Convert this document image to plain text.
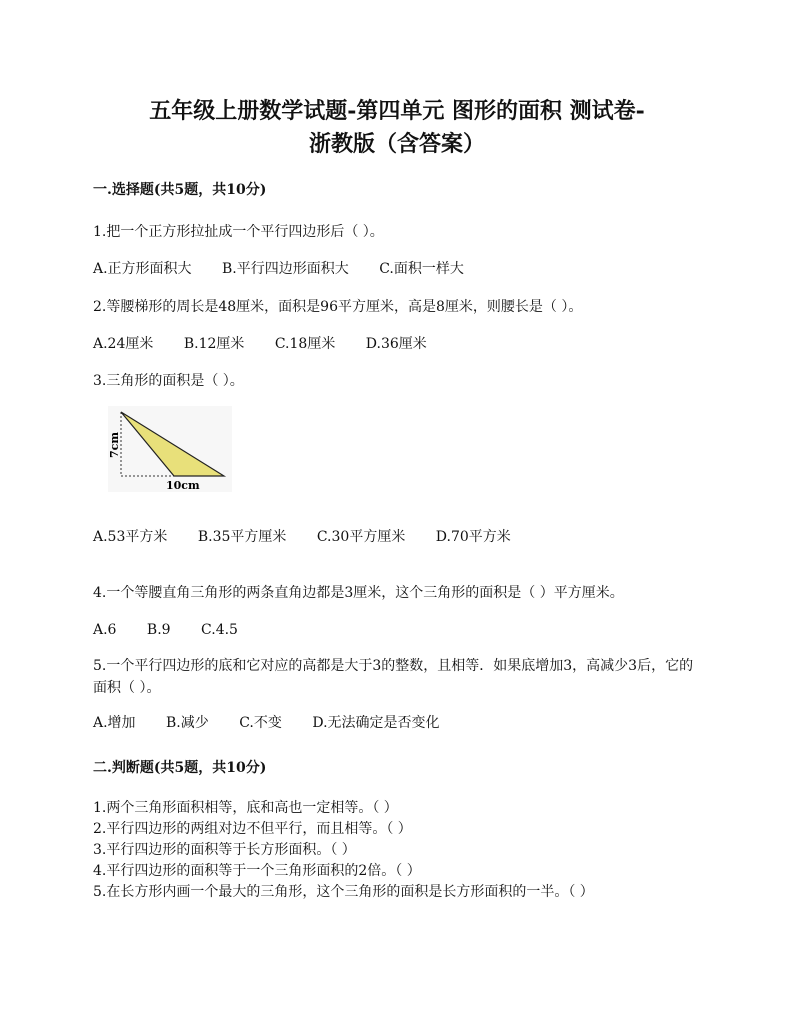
五年级上册数学试题-第四单元 图形的面积 测试卷-
浙教版（含答案）
一.选择题(共5题，共10分)
1.把一个正方形拉扯成一个平行四边形后（ ）。
A.正方形面积大 B.平行四边形面积大 C.面积一样大
2.等腰梯形的周长是48厘米，面积是96平方厘米，高是8厘米，则腰长是（ ）。
A.24厘米 B.12厘米 C.18厘米 D.36厘米
3.三角形的面积是（ ）。
10cm
7cm
A.53平方米 B.35平方厘米 C.30平方厘米 D.70平方米
4.一个等腰直角三角形的两条直角边都是3厘米，这个三角形的面积是（ ）平方厘米。
A.6 B.9 C.4.5
5.一个平行四边形的底和它对应的高都是大于3的整数，且相等．如果底增加3，高减少3后，它的面积（ ）。
A.增加 B.减少 C.不变 D.无法确定是否变化
二.判断题(共5题，共10分)
1.两个三角形面积相等，底和高也一定相等。（ ）
2.平行四边形的两组对边不但平行，而且相等。（ ）
3.平行四边形的面积等于长方形面积。（ ）
4.平行四边形的面积等于一个三角形面积的2倍。（ ）
5.在长方形内画一个最大的三角形，这个三角形的面积是长方形面积的一半。（ ）
